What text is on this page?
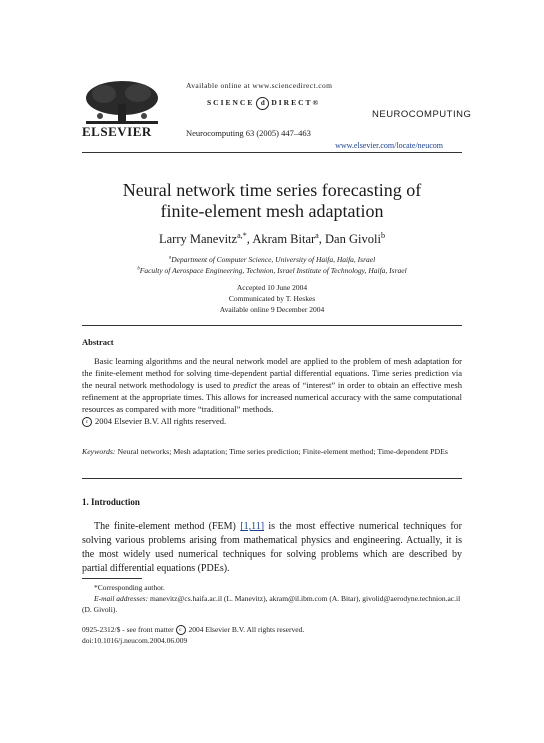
ELSEVIER
Available online at www.sciencedirect.com
SCIENCE d DIRECT®
NEUROCOMPUTING
Neurocomputing 63 (2005) 447–463
www.elsevier.com/locate/neucom
Neural network time series forecasting of
finite-element mesh adaptation
Larry Manevitz$^{a,*}$, Akram Bitar$^a$, Dan Givoli$^b$
$^a$Department of Computer Science, University of Haifa, Haifa, Israel
$^b$Faculty of Aerospace Engineering, Technion, Israel Institute of Technology, Haifa, Israel
Accepted 10 June 2004
Communicated by T. Heskes
Available online 9 December 2004
Abstract
Basic learning algorithms and the neural network model are applied to the problem of mesh adaptation for the finite-element method for solving time-dependent partial differential equations. Time series prediction via the neural network methodology is used to predict the areas of “interest” in order to obtain an effective mesh refinement at the appropriate times. This allows for increased numerical accuracy with the same computational resources as compared with more “traditional” methods.
c 2004 Elsevier B.V. All rights reserved.
Keywords: Neural networks; Mesh adaptation; Time series prediction; Finite-element method; Time-dependent PDEs
1. Introduction
The finite-element method (FEM) [1,11] is the most effective numerical techniques for solving various problems arising from mathematical physics and engineering. Actually, it is the most widely used numerical techniques for solving problems which are described by partial differential equations (PDEs).
*Corresponding author.
E-mail addresses: manevitz@cs.haifa.ac.il (L. Manevitz), akram@il.ibm.com (A. Bitar), givolid@aerodyne.technion.ac.il (D. Givoli).
0925-2312/$ - see front matter c 2004 Elsevier B.V. All rights reserved.
doi:10.1016/j.neucom.2004.06.009
